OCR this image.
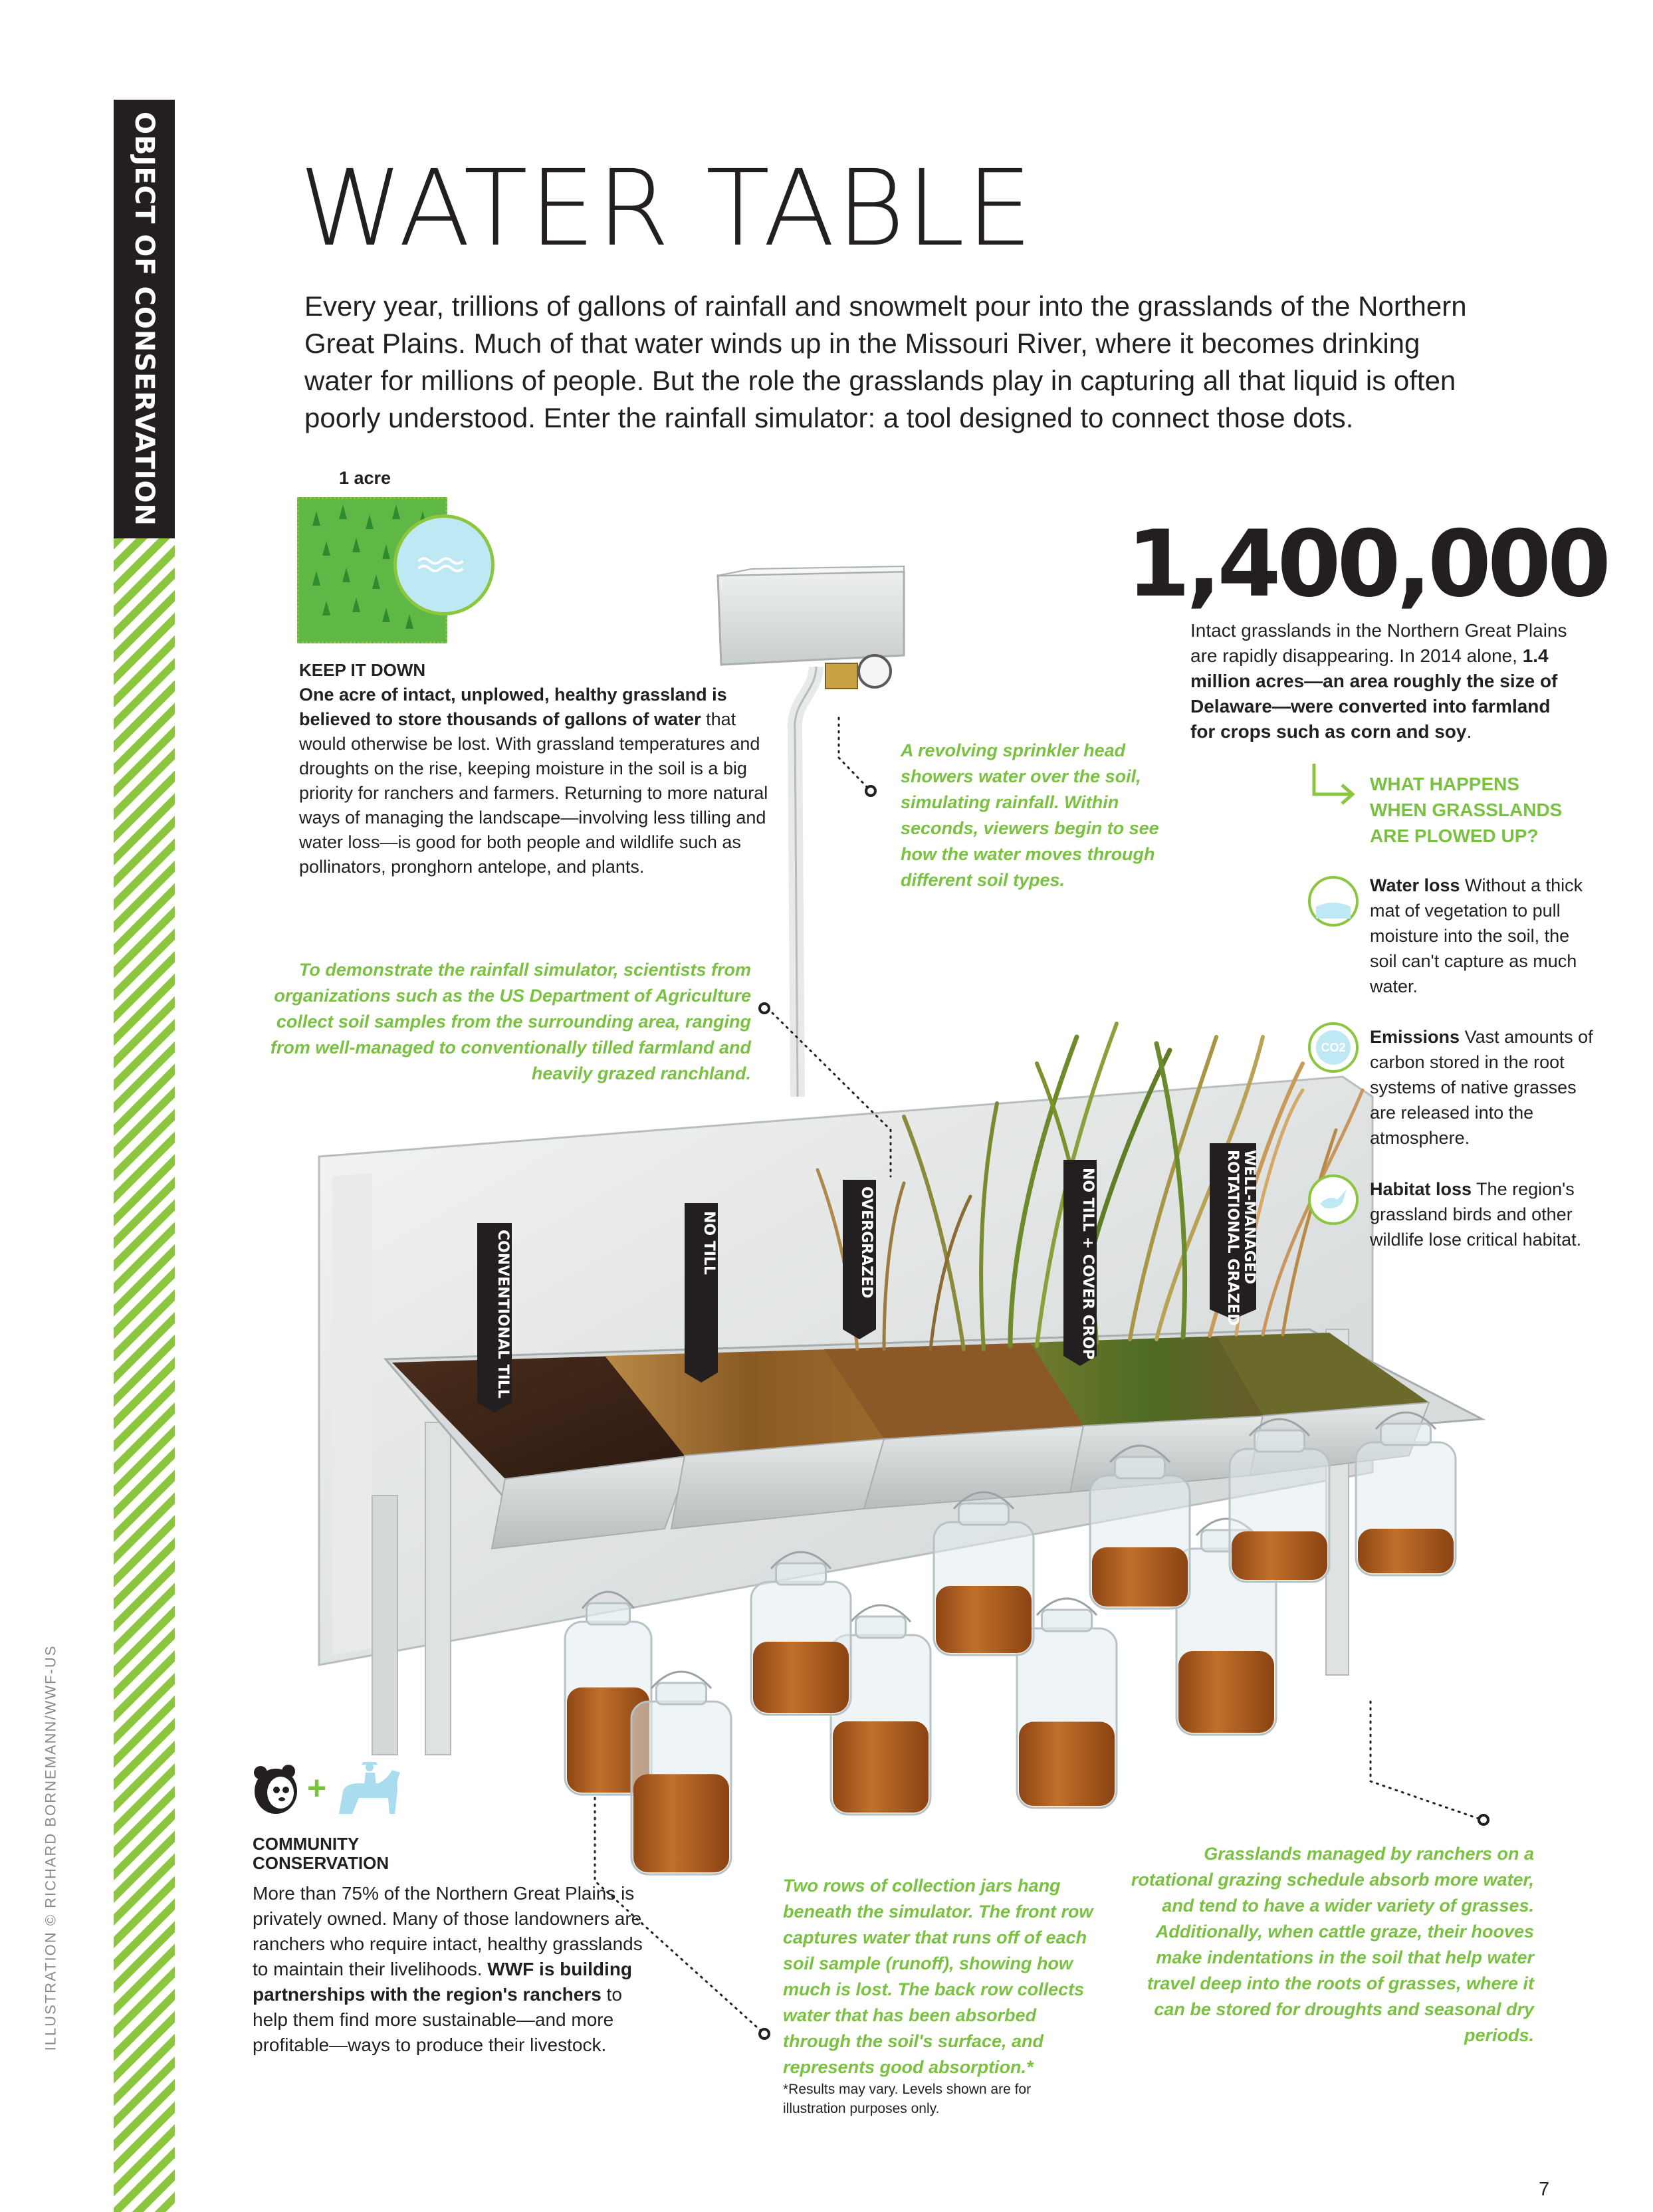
OBJECT OF CONSERVATION
ILLUSTRATION © RICHARD BORNEMANN/WWF-US
WATER TABLE

Every year, trillions of gallons of rainfall and snowmelt pour into the grasslands of the Northern Great Plains. Much of that water winds up in the Missouri River, where it becomes drinking water for millions of people. But the role the grasslands play in capturing all that liquid is often poorly understood. Enter the rainfall simulator: a tool designed to connect those dots.

CONVENTIONAL TILL	NO TILL	OVERGRAZED	NO TILL + COVER CROP	WELL-MANAGED
ROTATIONAL GRAZED
1 acre
KEEP IT DOWN
One acre of intact, unplowed, healthy grassland is believed to store thousands of gallons of water that would otherwise be lost. With grassland temperatures and droughts on the rise, keeping moisture in the soil is a big priority for ranchers and farmers. Returning to more natural ways of managing the landscape—involving less tilling and water loss—is good for both people and wildlife such as pollinators, pronghorn antelope, and plants.
1,400,000
Intact grasslands in the Northern Great Plains are rapidly disappearing. In 2014 alone, 1.4 million acres—an area roughly the size of Delaware—were converted into farmland for crops such as corn and soy.
A revolving sprinkler head showers water over the soil, simulating rainfall. Within seconds, viewers begin to see how the water moves through different soil types.
To demonstrate the rainfall simulator, scientists from organizations such as the US Department of Agriculture collect soil samples from the surrounding area, ranging from well-managed to conventionally tilled farmland and heavily grazed ranchland.
Two rows of collection jars hang beneath the simulator. The front row captures water that runs off of each soil sample (runoff), showing how much is lost. The back row collects water that has been absorbed through the soil's surface, and represents good absorption.*
*Results may vary. Levels shown are for illustration purposes only.
Grasslands managed by ranchers on a rotational grazing schedule absorb more water, and tend to have a wider variety of grasses. Additionally, when cattle graze, their hooves make indentations in the soil that help water travel deep into the roots of grasses, where it can be stored for droughts and seasonal dry periods.
WHAT HAPPENS WHEN GRASSLANDS ARE PLOWED UP?
Water loss Without a thick mat of vegetation to pull moisture into the soil, the soil can't capture as much water.
CO2
Emissions Vast amounts of carbon stored in the root systems of native grasses are released into the atmosphere.
Habitat loss The region's grassland birds and other wildlife lose critical habitat.
+
COMMUNITY
CONSERVATION
More than 75% of the Northern Great Plains is privately owned. Many of those landowners are ranchers who require intact, healthy grasslands to maintain their livelihoods. WWF is building partnerships with the region's ranchers to help them find more sustainable—and more profitable—ways to produce their livestock.
7
